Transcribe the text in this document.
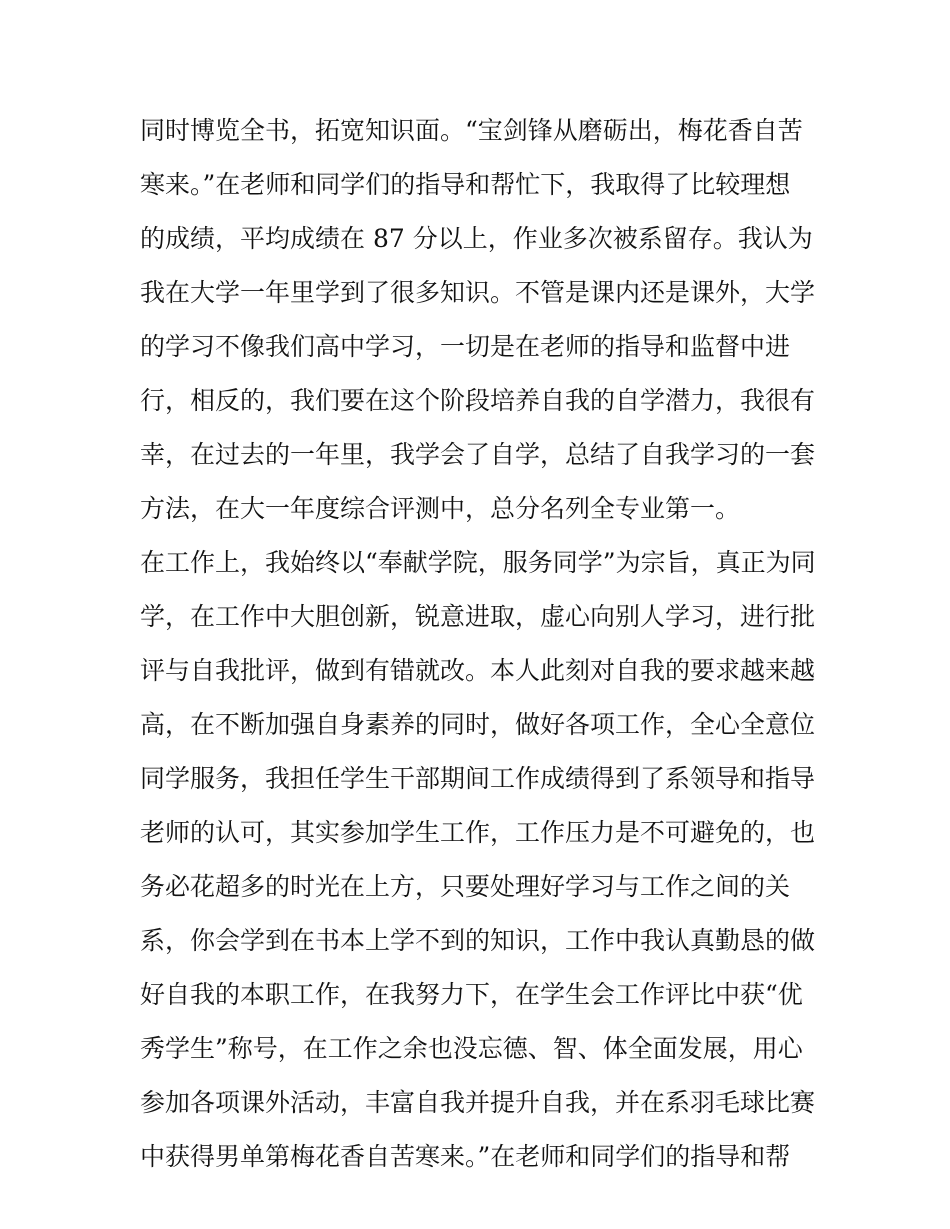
同时博览全书，拓宽知识面。“宝剑锋从磨砺出，梅花香自苦
寒来。”在老师和同学们的指导和帮忙下，我取得了比较理想
的成绩，平均成绩在 87 分以上，作业多次被系留存。我认为
我在大学一年里学到了很多知识。不管是课内还是课外，大学
的学习不像我们高中学习，一切是在老师的指导和监督中进
行，相反的，我们要在这个阶段培养自我的自学潜力，我很有
幸，在过去的一年里，我学会了自学，总结了自我学习的一套
方法，在大一年度综合评测中，总分名列全专业第一。
在工作上，我始终以“奉献学院，服务同学”为宗旨，真正为同
学，在工作中大胆创新，锐意进取，虚心向别人学习，进行批
评与自我批评，做到有错就改。本人此刻对自我的要求越来越
高，在不断加强自身素养的同时，做好各项工作，全心全意位
同学服务，我担任学生干部期间工作成绩得到了系领导和指导
老师的认可，其实参加学生工作，工作压力是不可避免的，也
务必花超多的时光在上方，只要处理好学习与工作之间的关
系，你会学到在书本上学不到的知识，工作中我认真勤恳的做
好自我的本职工作，在我努力下，在学生会工作评比中获“优
秀学生”称号，在工作之余也没忘德、智、体全面发展，用心
参加各项课外活动，丰富自我并提升自我，并在系羽毛球比赛
中获得男单第梅花香自苦寒来。”在老师和同学们的指导和帮
